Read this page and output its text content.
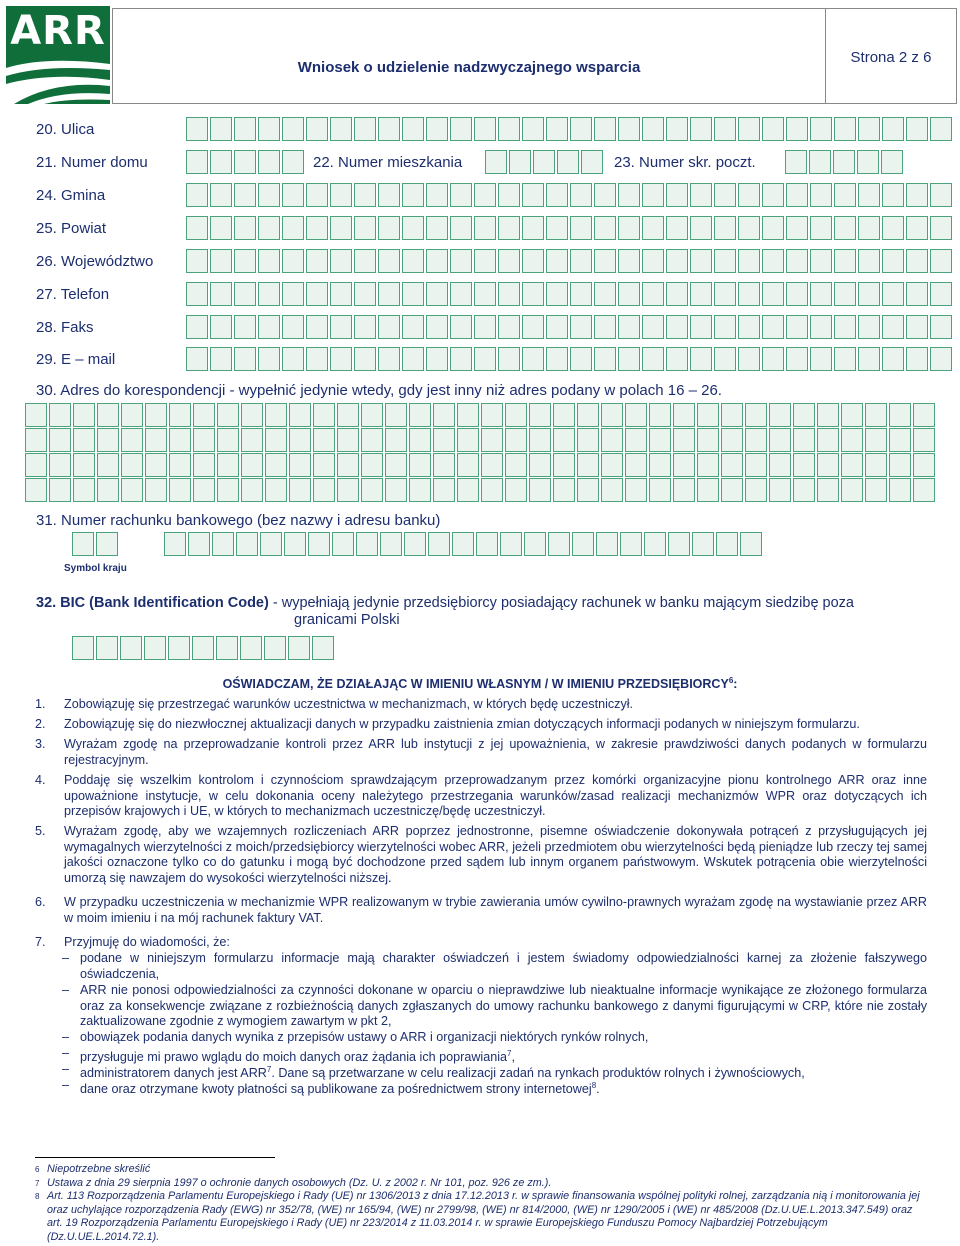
ARR
Wniosek o udzielenie nadzwyczajnego wsparcia
Strona 2 z 6
20. Ulica
21. Numer domu	22. Numer mieszkania	23. Numer skr. poczt.
24. Gmina
25. Powiat
26. Województwo
27. Telefon
28. Faks
29. E – mail
30. Adres do korespondencji - wypełnić jedynie wtedy, gdy jest inny niż adres podany w polach 16 – 26.
31. Numer rachunku bankowego (bez nazwy i adresu banku)
Symbol kraju
32. BIC (Bank Identification Code) - wypełniają jedynie przedsiębiorcy posiadający rachunek w banku mającym siedzibę poza
granicami Polski
OŚWIADCZAM, ŻE DZIAŁAJĄC W IMIENIU WŁASNYM / W IMIENIU PRZEDSIĘBIORCY$^6$:
1.	Zobowiązuję się przestrzegać warunków uczestnictwa w mechanizmach, w których będę uczestniczył.
2.	Zobowiązuję się do niezwłocznej aktualizacji danych w przypadku zaistnienia zmian dotyczących informacji podanych w niniejszym formularzu.
3.	Wyrażam zgodę na przeprowadzanie kontroli przez ARR lub instytucji z jej upoważnienia, w zakresie prawdziwości danych podanych w formularzu rejestracyjnym.
4.	Poddaję się wszelkim kontrolom i czynnościom sprawdzającym przeprowadzanym przez komórki organizacyjne pionu kontrolnego ARR oraz inne upoważnione instytucje, w celu dokonania oceny należytego przestrzegania warunków/zasad realizacji mechanizmów WPR oraz dotyczących ich przepisów krajowych i UE, w których to mechanizmach uczestniczę/będę uczestniczył.
5.	Wyrażam zgodę, aby we wzajemnych rozliczeniach ARR poprzez jednostronne, pisemne oświadczenie dokonywała potrąceń z przysługujących jej wymagalnych wierzytelności z moich/przedsiębiorcy wierzytelności wobec ARR, jeżeli przedmiotem obu wierzytelności będą pieniądze lub rzeczy tej samej jakości oznaczone tylko co do gatunku i mogą być dochodzone przed sądem lub innym organem państwowym. Wskutek potrącenia obie wierzytelności umorzą się nawzajem do wysokości wierzytelności niższej.
6.	W przypadku uczestniczenia w mechanizmie WPR realizowanym w trybie zawierania umów cywilno-prawnych wyrażam zgodę na wystawianie przez ARR w moim imieniu i na mój rachunek faktury VAT.
7.	Przyjmuję do wiadomości, że:
– podane w niniejszym formularzu informacje mają charakter oświadczeń i jestem świadomy odpowiedzialności karnej za złożenie fałszywego oświadczenia,
– ARR nie ponosi odpowiedzialności za czynności dokonane w oparciu o nieprawdziwe lub nieaktualne informacje wynikające ze złożonego formularza oraz za konsekwencje związane z rozbieżnością danych zgłaszanych do umowy rachunku bankowego z danymi figurującymi w CRP, które nie zostały zaktualizowane zgodnie z wymogiem zawartym w pkt 2,
– obowiązek podania danych wynika z przepisów ustawy o ARR i organizacji niektórych rynków rolnych,
– przysługuje mi prawo wglądu do moich danych oraz żądania ich poprawiania$^7$,
– administratorem danych jest ARR$^7$. Dane są przetwarzane w celu realizacji zadań na rynkach produktów rolnych i żywnościowych,
– dane oraz otrzymane kwoty płatności są publikowane za pośrednictwem strony internetowej$^8$.
6 Niepotrzebne skreślić
7 Ustawa z dnia 29 sierpnia 1997 o ochronie danych osobowych (Dz. U. z 2002 r. Nr 101, poz. 926 ze zm.).
8 Art. 113 Rozporządzenia Parlamentu Europejskiego i Rady (UE) nr 1306/2013 z dnia 17.12.2013 r. w sprawie finansowania wspólnej polityki rolnej, zarządzania nią i monitorowania jej oraz uchylające rozporządzenia Rady (EWG) nr 352/78, (WE) nr 165/94, (WE) nr 2799/98, (WE) nr 814/2000, (WE) nr 1290/2005 i (WE) nr 485/2008 (Dz.U.UE.L.2013.347.549) oraz art. 19 Rozporządzenia Parlamentu Europejskiego i Rady (UE) nr 223/2014 z 11.03.2014 r. w sprawie Europejskiego Funduszu Pomocy Najbardziej Potrzebującym (Dz.U.UE.L.2014.72.1).
